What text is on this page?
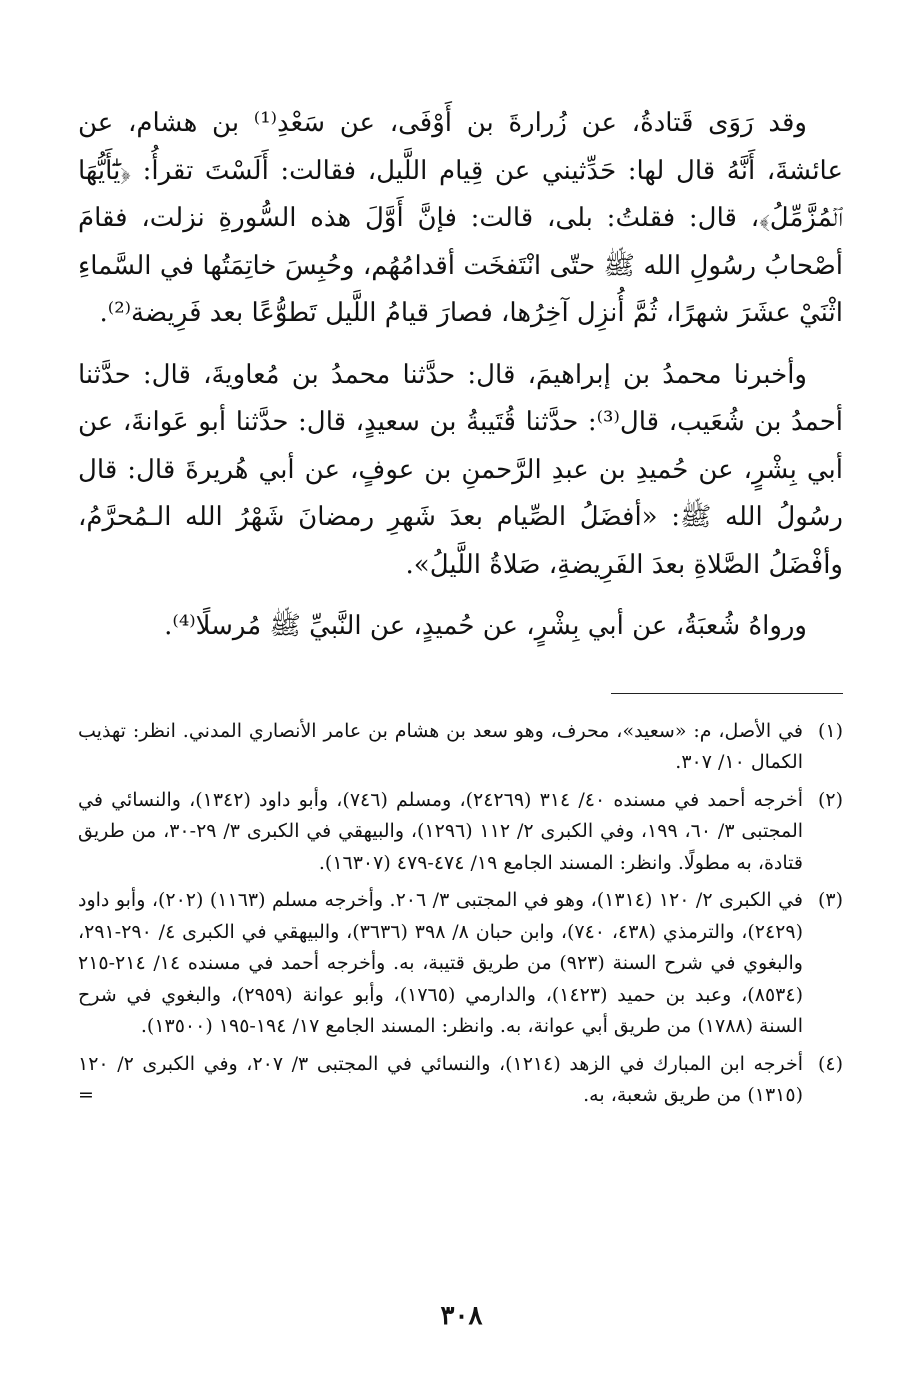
وقد رَوَى قَتادةُ، عن زُرارةَ بن أَوْفَى، عن سَعْدِ⁽¹⁾ بن هشام، عن عائشةَ، أَنَّهُ قال لها: حَدِّثيني عن قِيام اللَّيل، فقالت: أَلَسْتَ تقرأُ: ﴿يَٰٓأَيُّهَا ٱلۡمُزَّمِّلُ﴾، قال: فقلتُ: بلى، قالت: فإنَّ أَوَّلَ هذه السُّورةِ نزلت، فقامَ أصْحابُ رسُولِ الله ﷺ حتّى انْتَفخَت أقدامُهُم، وحُبِسَ خاتِمَتُها في السَّماءِ اثْنَيْ عشَرَ شهرًا، ثُمَّ أُنزِل آخِرُها، فصارَ قيامُ اللَّيل تَطوُّعًا بعد فَرِيضة⁽²⁾.

وأخبرنا محمدُ بن إبراهيمَ، قال: حدَّثنا محمدُ بن مُعاويةَ، قال: حدَّثنا أحمدُ بن شُعَيب، قال⁽³⁾: حدَّثنا قُتَيبةُ بن سعيدٍ، قال: حدَّثنا أبو عَوانةَ، عن أبي بِشْرٍ، عن حُميدِ بن عبدِ الرَّحمنِ بن عوفٍ، عن أبي هُريرةَ قال: قال رسُولُ الله ﷺ: «أفضَلُ الصِّيام بعدَ شَهرِ رمضانَ شَهْرُ الله الـمُحرَّمُ، وأفْضَلُ الصَّلاةِ بعدَ الفَرِيضةِ، صَلاةُ اللَّيلُ».

ورواهُ شُعبَةُ، عن أبي بِشْرٍ، عن حُميدٍ، عن النَّبيِّ ﷺ مُرسلًا⁽⁴⁾.

(١)
في الأصل، م: «سعيد»، محرف، وهو سعد بن هشام بن عامر الأنصاري المدني. انظر: تهذيب الكمال ١٠/ ٣٠٧.

(٢)
أخرجه أحمد في مسنده ٤٠/ ٣١٤ (٢٤٢٦٩)، ومسلم (٧٤٦)، وأبو داود (١٣٤٢)، والنسائي في المجتبى ٣/ ٦٠، ١٩٩، وفي الكبرى ٢/ ١١٢ (١٢٩٦)، والبيهقي في الكبرى ٣/ ٢٩-٣٠، من طريق قتادة، به مطولًا. وانظر: المسند الجامع ١٩/ ٤٧٤-٤٧٩ (١٦٣٠٧).

(٣)
في الكبرى ٢/ ١٢٠ (١٣١٤)، وهو في المجتبى ٣/ ٢٠٦. وأخرجه مسلم (١١٦٣) (٢٠٢)، وأبو داود (٢٤٢٩)، والترمذي (٤٣٨، ٧٤٠)، وابن حبان ٨/ ٣٩٨ (٣٦٣٦)، والبيهقي في الكبرى ٤/ ٢٩٠-٢٩١، والبغوي في شرح السنة (٩٢٣) من طريق قتيبة، به. وأخرجه أحمد في مسنده ١٤/ ٢١٤-٢١٥ (٨٥٣٤)، وعبد بن حميد (١٤٢٣)، والدارمي (١٧٦٥)، وأبو عوانة (٢٩٥٩)، والبغوي في شرح السنة (١٧٨٨) من طريق أبي عوانة، به. وانظر: المسند الجامع ١٧/ ١٩٤-١٩٥ (١٣٥٠٠).

(٤)
أخرجه ابن المبارك في الزهد (١٢١٤)، والنسائي في المجتبى ٣/ ٢٠٧، وفي الكبرى ٢/ ١٢٠ (١٣١٥) من طريق شعبة، به.
=

٣٠٨
